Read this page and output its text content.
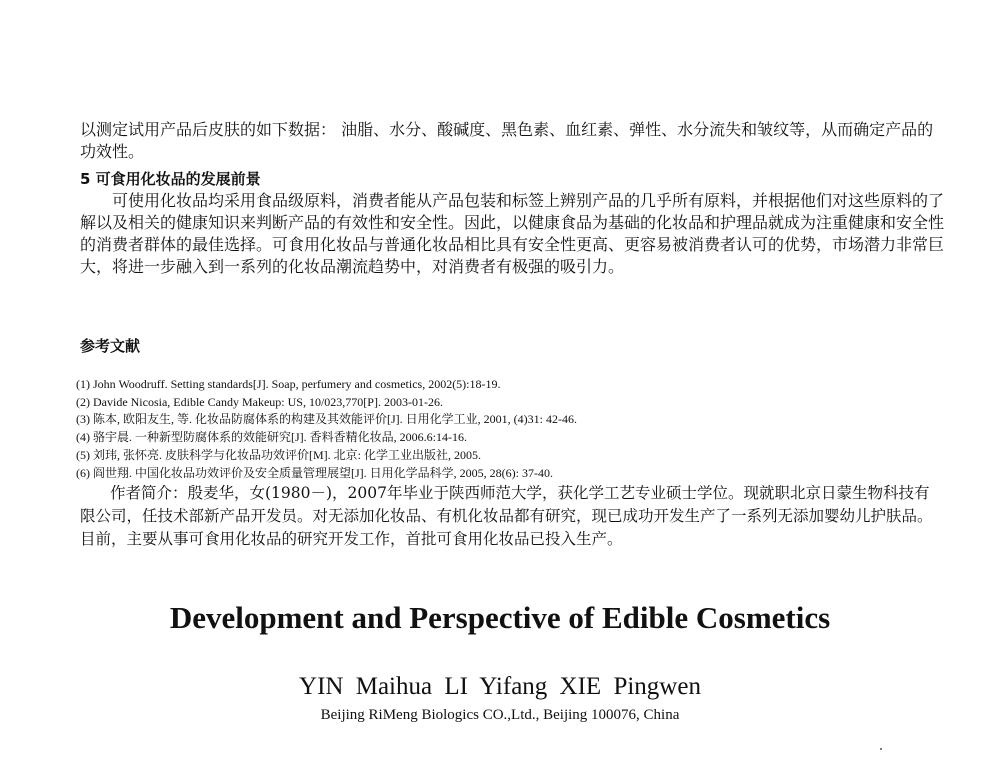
以测定试用产品后皮肤的如下数据： 油脂、水分、酸碱度、黑色素、血红素、弹性、水分流失和皱纹等，从而确定产品的功效性。

5 可食用化妆品的发展前景

可使用化妆品均采用食品级原料，消费者能从产品包装和标签上辨别产品的几乎所有原料，并根据他们对这些原料的了解以及相关的健康知识来判断产品的有效性和安全性。因此，以健康食品为基础的化妆品和护理品就成为注重健康和安全性的消费者群体的最佳选择。可食用化妆品与普通化妆品相比具有安全性更高、更容易被消费者认可的优势，市场潜力非常巨大，将进一步融入到一系列的化妆品潮流趋势中，对消费者有极强的吸引力。

参考文献

(1) John Woodruff. Setting standards[J]. Soap, perfumery and cosmetics, 2002(5):18-19.
(2) Davide Nicosia, Edible Candy Makeup: US, 10/023,770[P]. 2003-01-26.
(3) 陈本, 欧阳友生, 等. 化妆品防腐体系的构建及其效能评价[J]. 日用化学工业, 2001, (4)31: 42-46.
(4) 骆宇晨. 一种新型防腐体系的效能研究[J]. 香料香精化妆品, 2006.6:14-16.
(5) 刘玮, 张怀亮. 皮肤科学与化妆品功效评价[M]. 北京: 化学工业出版社, 2005.
(6) 阎世翔. 中国化妆品功效评价及安全质量管理展望[J]. 日用化学品科学, 2005, 28(6): 37-40.

作者简介：殷麦华，女(1980－)，2007年毕业于陕西师范大学，获化学工艺专业硕士学位。现就职北京日蒙生物科技有限公司，任技术部新产品开发员。对无添加化妆品、有机化妆品都有研究，现已成功开发生产了一系列无添加婴幼儿护肤品。目前，主要从事可食用化妆品的研究开发工作，首批可食用化妆品已投入生产。

Development and Perspective of Edible Cosmetics

YIN Maihua LI Yifang XIE Pingwen

Beijing RiMeng Biologics CO.,Ltd., Beijing 100076, China
